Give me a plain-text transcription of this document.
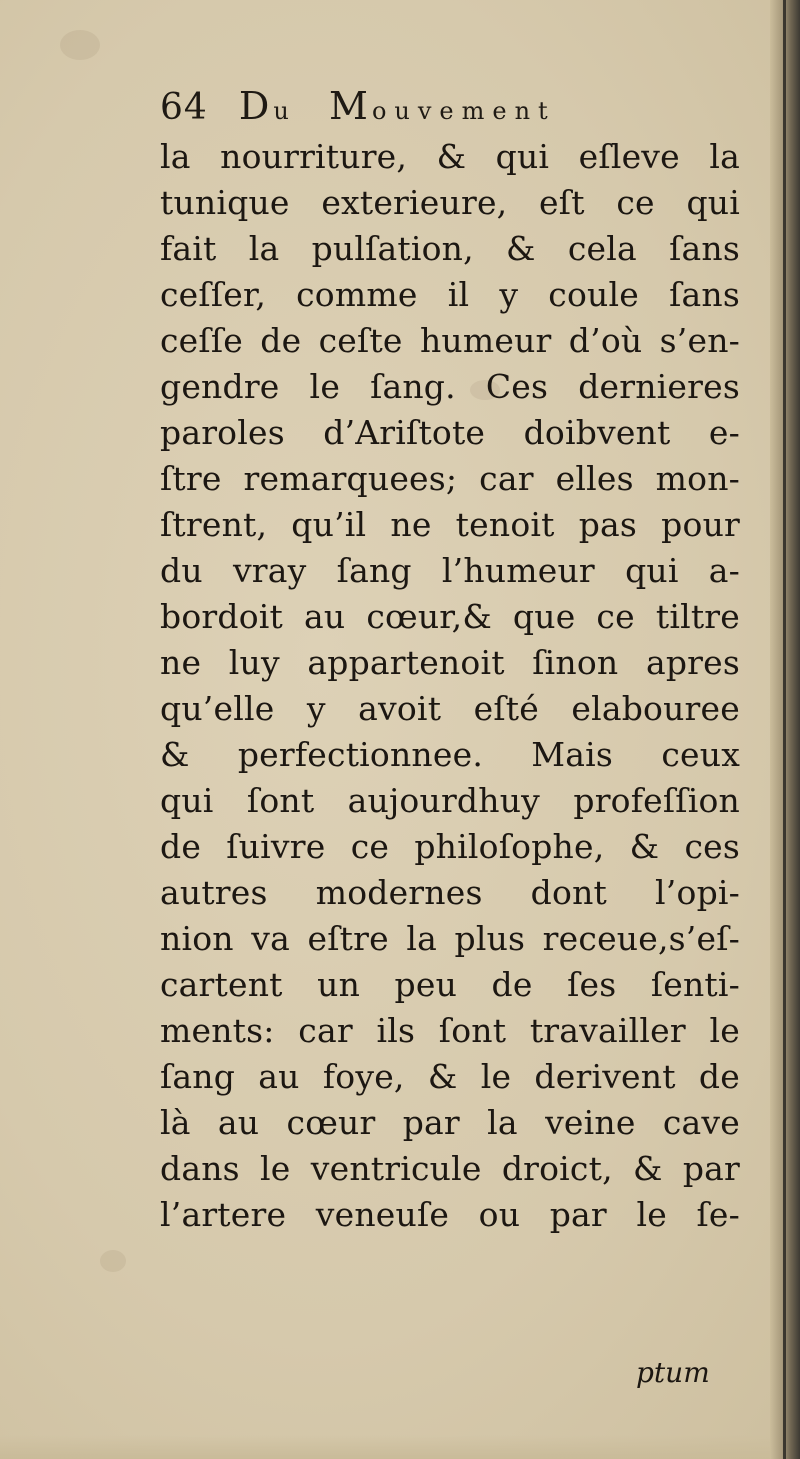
64 Du Mouvement
la nourriture, & qui eſleve la
tunique exterieure, eſt ce qui
fait la pulſation, & cela ſans
ceſſer, comme il y coule ſans
ceſſe de ceſte humeur d’où s’en-
gendre le ſang. Ces dernieres
paroles d’Ariſtote doibvent e-
ſtre remarquees; car elles mon-
ſtrent, qu’il ne tenoit pas pour
du vray ſang l’humeur qui a-
bordoit au cœur,& que ce tiltre
ne luy appartenoit ſinon apres
qu’elle y avoit eſté elabouree
& perfectionnee. Mais ceux
qui ſont aujourdhuy profeſſion
de ſuivre ce philoſophe, & ces
autres modernes dont l’opi-
nion va eſtre la plus receue,s’eſ-
cartent un peu de ſes ſenti-
ments: car ils ſont travailler le
ſang au foye, & le derivent de
là au cœur par la veine cave
dans le ventricule droict, & par
l’artere veneuſe ou par le ſe-
ptum
